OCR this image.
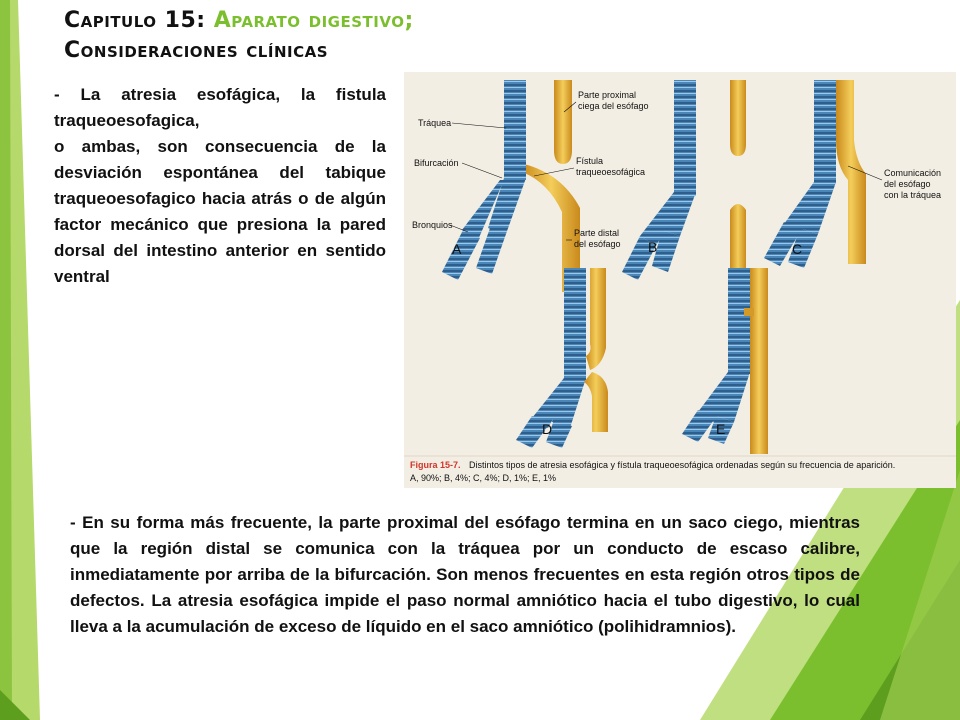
Capitulo 15: Aparato digestivo;
Consideraciones clínicas

- La atresia esofágica, la fistula traqueoesofagica,

o ambas, son consecuencia de la desviación espontánea del tabique traqueoesofagico hacia atrás o de algún factor mecánico que presiona la pared dorsal del intestino anterior en sentido ventral

Parte proximal
ciega del esófago
Tráquea
Bifurcación	Fístula
traqueoesofágica
Bronquios
Parte distal
del esófago
A	B
Comunicación
del esófago
con la tráquea
C
D	E
Figura 15-7. Distintos tipos de atresia esofágica y fístula traqueoesofágica ordenadas según su frecuencia de aparición.
A, 90%; B, 4%; C, 4%; D, 1%; E, 1%

- En su forma más frecuente, la parte proximal del esófago termina en un saco ciego, mientras que la región distal se comunica con la tráquea por un conducto de escaso calibre, inmediatamente por arriba de la bifurcación. Son menos frecuentes en esta región otros tipos de defectos. La atresia esofágica impide el paso normal amniótico hacia el tubo digestivo, lo cual lleva a la acumulación de exceso de líquido en el saco amniótico (polihidramnios).
